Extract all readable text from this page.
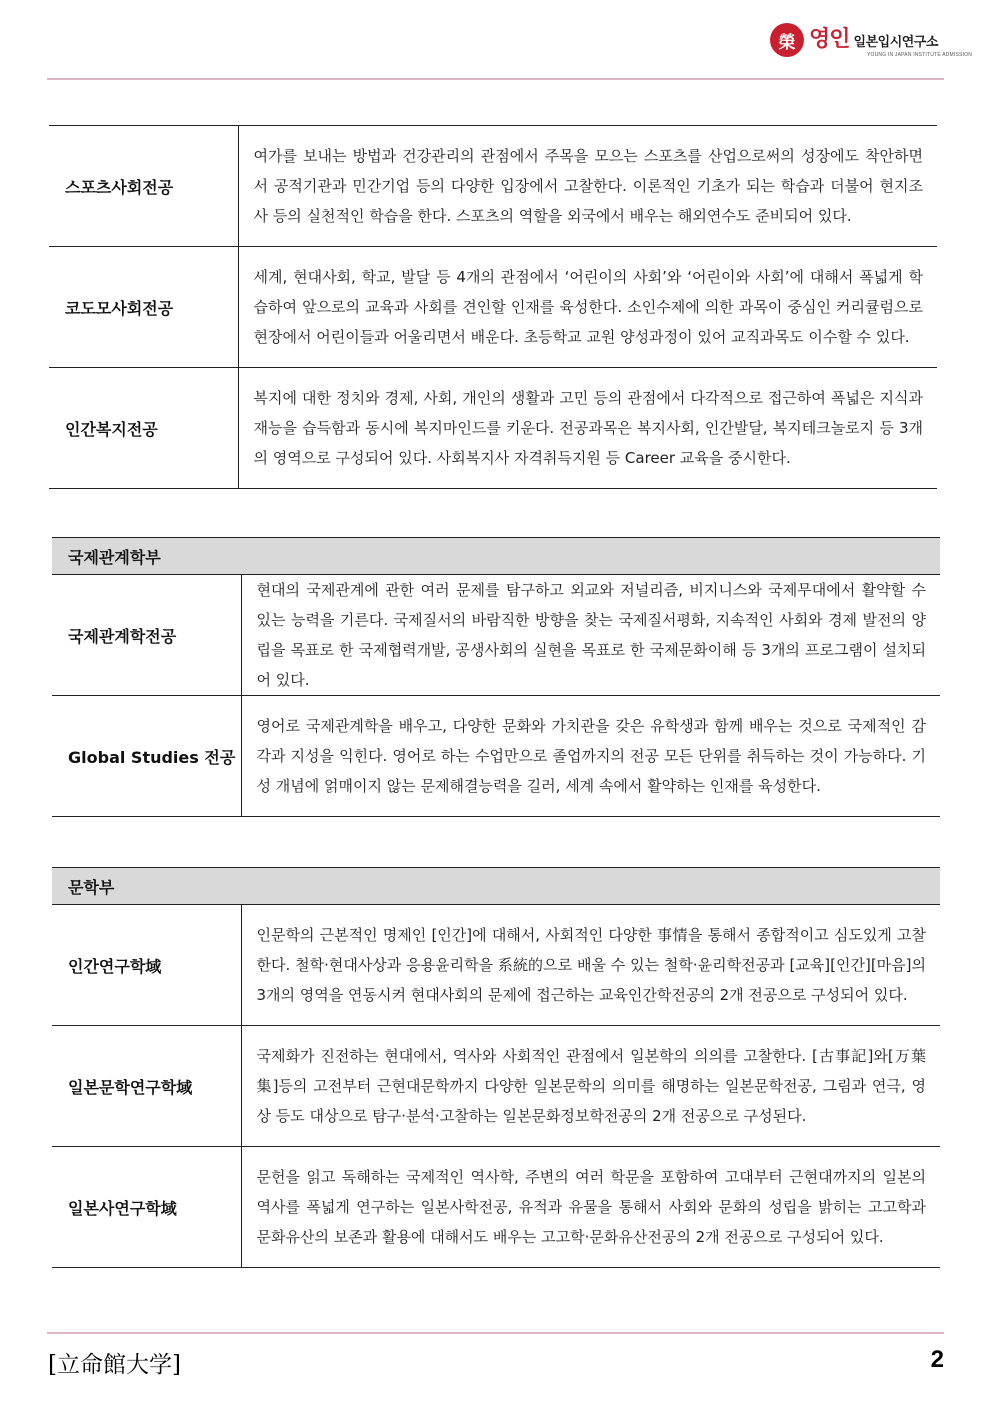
榮 영인 일본입시연구소
YOUNG IN JAPAN INSTITUTE ADMISSION
스포츠사회전공	여가를 보내는 방법과 건강관리의 관점에서 주목을 모으는 스포츠를 산업으로써의 성장에도 착안하면서 공적기관과 민간기업 등의 다양한 입장에서 고찰한다. 이론적인 기초가 되는 학습과 더불어 현지조사 등의 실천적인 학습을 한다. 스포츠의 역할을 외국에서 배우는 해외연수도 준비되어 있다.
코도모사회전공	세계, 현대사회, 학교, 발달 등 4개의 관점에서 ‘어린이의 사회’와 ‘어린이와 사회’에 대해서 폭넓게 학습하여 앞으로의 교육과 사회를 견인할 인재를 육성한다. 소인수제에 의한 과목이 중심인 커리큘럼으로 현장에서 어린이들과 어울리면서 배운다. 초등학교 교원 양성과정이 있어 교직과목도 이수할 수 있다.
인간복지전공	복지에 대한 정치와 경제, 사회, 개인의 생활과 고민 등의 관점에서 다각적으로 접근하여 폭넓은 지식과 재능을 습득함과 동시에 복지마인드를 키운다. 전공과목은 복지사회, 인간발달, 복지테크놀로지 등 3개의 영역으로 구성되어 있다. 사회복지사 자격취득지원 등 Career 교육을 중시한다.
국제관계학부	
국제관계학전공	현대의 국제관계에 관한 여러 문제를 탐구하고 외교와 저널리즘, 비지니스와 국제무대에서 활약할 수 있는 능력을 기른다. 국제질서의 바람직한 방향을 찾는 국제질서평화, 지속적인 사회와 경제 발전의 양립을 목표로 한 국제협력개발, 공생사회의 실현을 목표로 한 국제문화이해 등 3개의 프로그램이 설치되어 있다.
Global Studies 전공	영어로 국제관계학을 배우고, 다양한 문화와 가치관을 갖은 유학생과 함께 배우는 것으로 국제적인 감각과 지성을 익힌다. 영어로 하는 수업만으로 졸업까지의 전공 모든 단위를 취득하는 것이 가능하다. 기성 개념에 얽매이지 않는 문제해결능력을 길러, 세계 속에서 활약하는 인재를 육성한다.
문학부	
인간연구학域	인문학의 근본적인 명제인 [인간]에 대해서, 사회적인 다양한 事情을 통해서 종합적이고 심도있게 고찰한다. 철학·현대사상과 응용윤리학을 系統的으로 배울 수 있는 철학·윤리학전공과 [교육][인간][마음]의 3개의 영역을 연동시켜 현대사회의 문제에 접근하는 교육인간학전공의 2개 전공으로 구성되어 있다.
일본문학연구학域	국제화가 진전하는 현대에서, 역사와 사회적인 관점에서 일본학의 의의를 고찰한다. [古事記]와[万葉集]등의 고전부터 근현대문학까지 다양한 일본문학의 의미를 해명하는 일본문학전공, 그림과 연극, 영상 등도 대상으로 탐구·분석·고찰하는 일본문화정보학전공의 2개 전공으로 구성된다.
일본사연구학域	문헌을 읽고 독해하는 국제적인 역사학, 주변의 여러 학문을 포함하여 고대부터 근현대까지의 일본의 역사를 폭넓게 연구하는 일본사학전공, 유적과 유물을 통해서 사회와 문화의 성립을 밝히는 고고학과 문화유산의 보존과 활용에 대해서도 배우는 고고학·문화유산전공의 2개 전공으로 구성되어 있다.
[立命館大学]	2
